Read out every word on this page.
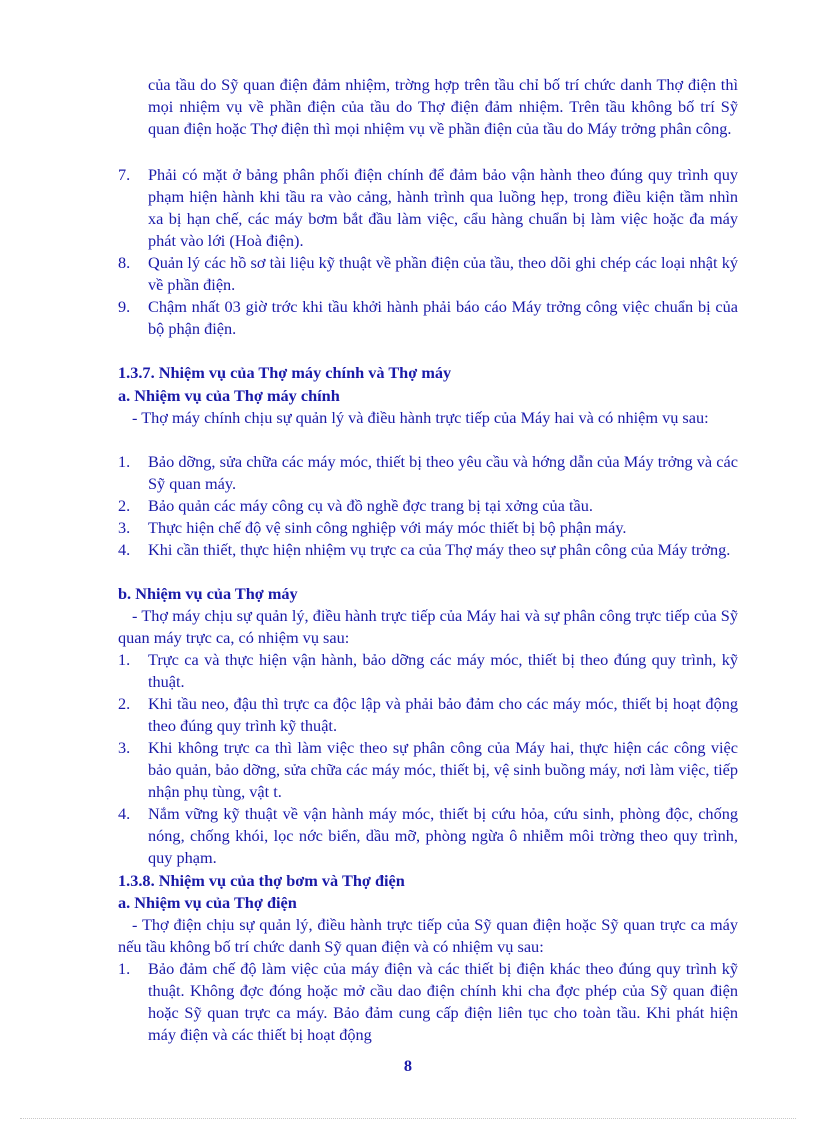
của tầu do Sỹ quan điện đảm nhiệm, trờng hợp trên tầu chỉ bố trí chức danh Thợ điện thì mọi nhiệm vụ về phần điện của tầu do Thợ điện đảm nhiệm. Trên tầu không bố trí Sỹ quan điện hoặc Thợ điện thì mọi nhiệm vụ về phần điện của tầu do Máy trởng phân công.

7.	Phải có mặt ở bảng phân phối điện chính để đảm bảo vận hành theo đúng quy trình quy phạm hiện hành khi tầu ra vào cảng, hành trình qua luồng hẹp, trong điều kiện tầm nhìn xa bị hạn chế, các máy bơm bắt đầu làm việc, cẩu hàng chuẩn bị làm việc hoặc đa máy phát vào lới (Hoà điện).
8.	Quản lý các hồ sơ tài liệu kỹ thuật về phần điện của tầu, theo dõi ghi chép các loại nhật ký về phần điện.
9.	Chậm nhất 03 giờ trớc khi tầu khởi hành phải báo cáo Máy trởng công việc chuẩn bị của bộ phận điện.

1.3.7. Nhiệm vụ của Thợ máy chính và Thợ máy

a. Nhiệm vụ của Thợ máy chính

- Thợ máy chính chịu sự quản lý và điều hành trực tiếp của Máy hai và có nhiệm vụ sau:

1.	Bảo dỡng, sửa chữa các máy móc, thiết bị theo yêu cầu và hớng dẫn của Máy trởng và các Sỹ quan máy.
2.	Bảo quản các máy công cụ và đồ nghề đợc trang bị tại xởng của tầu.
3.	Thực hiện chế độ vệ sinh công nghiệp với máy móc thiết bị bộ phận máy.
4.	Khi cần thiết, thực hiện nhiệm vụ trực ca của Thợ máy theo sự phân công của Máy trởng.

b. Nhiệm vụ của Thợ máy

- Thợ máy chịu sự quản lý, điều hành trực tiếp của Máy hai và sự phân công trực tiếp của Sỹ quan máy trực ca, có nhiệm vụ sau:

1.	Trực ca và thực hiện vận hành, bảo dỡng các máy móc, thiết bị theo đúng quy trình, kỹ thuật.
2.	Khi tầu neo, đậu thì trực ca độc lập và phải bảo đảm cho các máy móc, thiết bị hoạt động theo đúng quy trình kỹ thuật.
3.	Khi không trực ca thì làm việc theo sự phân công của Máy hai, thực hiện các công việc bảo quản, bảo dỡng, sửa chữa các máy móc, thiết bị, vệ sinh buồng máy, nơi làm việc, tiếp nhận phụ tùng, vật t.
4.	Nắm vững kỹ thuật về vận hành máy móc, thiết bị cứu hỏa, cứu sinh, phòng độc, chống nóng, chống khói, lọc nớc biển, dầu mỡ, phòng ngừa ô nhiễm môi trờng theo quy trình, quy phạm.

1.3.8. Nhiệm vụ của thợ bơm và Thợ điện

a. Nhiệm vụ của Thợ điện

- Thợ điện chịu sự quản lý, điều hành trực tiếp của Sỹ quan điện hoặc Sỹ quan trực ca máy nếu tầu không bố trí chức danh Sỹ quan điện và có nhiệm vụ sau:

1.	Bảo đảm chế độ làm việc của máy điện và các thiết bị điện khác theo đúng quy trình kỹ thuật. Không đợc đóng hoặc mở cầu dao điện chính khi cha đợc phép của Sỹ quan điện hoặc Sỹ quan trực ca máy. Bảo đảm cung cấp điện liên tục cho toàn tầu. Khi phát hiện máy điện và các thiết bị hoạt động
8
